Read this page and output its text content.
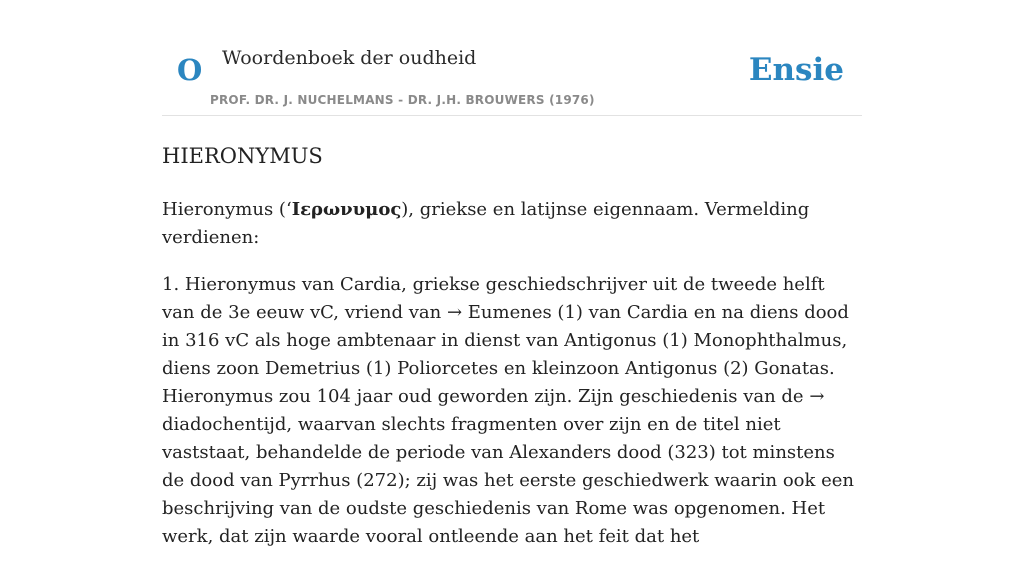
O Woordenboek der oudheid
PROF. DR. J. NUCHELMANS - DR. J.H. BROUWERS (1976)
Ensie
HIERONYMUS

Hieronymus (‘Ιερωνυμος), griekse en latijnse eigennaam. Vermelding verdienen:

1. Hieronymus van Cardia, griekse geschiedschrijver uit de tweede helft van de 3e eeuw vC, vriend van → Eumenes (1) van Cardia en na diens dood in 316 vC als hoge ambtenaar in dienst van Antigonus (1) Monophthalmus, diens zoon Demetrius (1) Poliorcetes en kleinzoon Antigonus (2) Gonatas. Hieronymus zou 104 jaar oud geworden zijn. Zijn geschiedenis van de → diadochentijd, waarvan slechts fragmenten over zijn en de titel niet vaststaat, behandelde de periode van Alexanders dood (323) tot minstens de dood van Pyrrhus (272); zij was het eerste geschiedwerk waarin ook een beschrijving van de oudste geschiedenis van Rome was opgenomen. Het werk, dat zijn waarde vooral ontleende aan het feit dat het
